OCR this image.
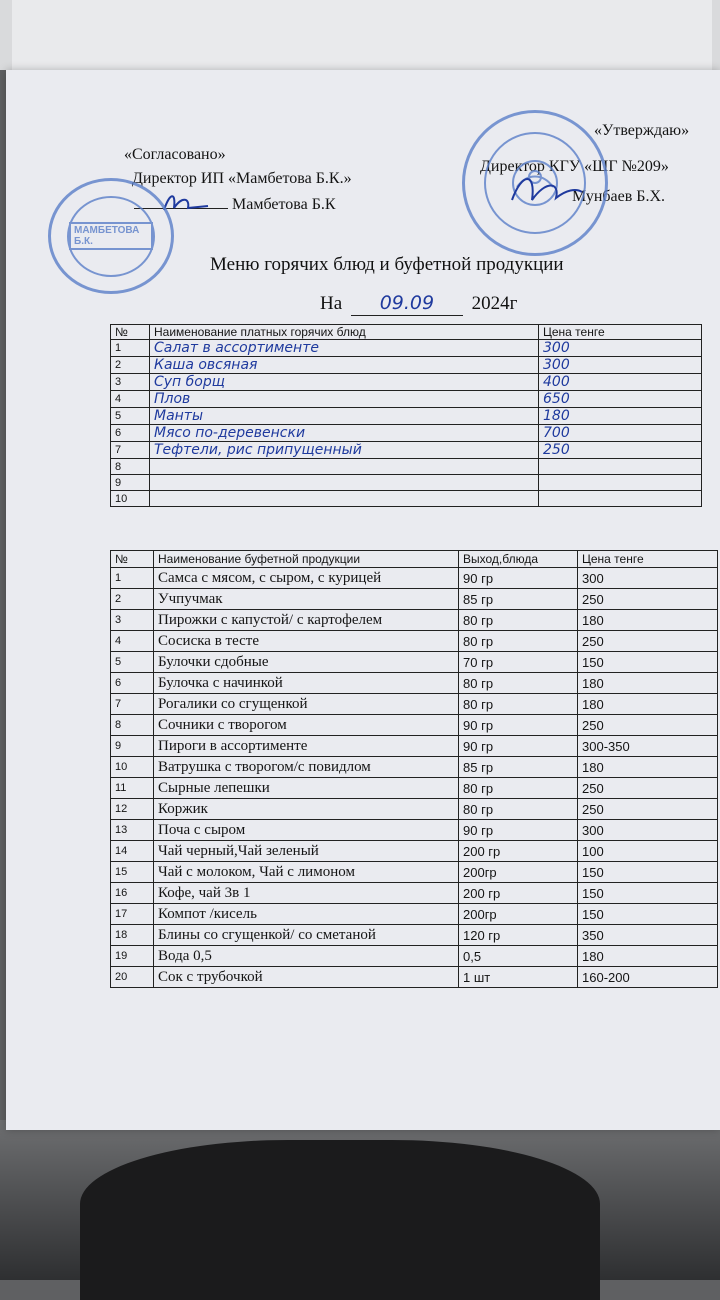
«Согласовано»
Директор ИП «Мамбетова Б.К.»
Мамбетова Б.К
МАМБЕТОВА Б.К.
«Утверждаю»
Директор КГУ «ШГ №209»
Мунбаев Б.Х.
Меню горячих блюд и буфетной продукции
На 09.09 2024г
№	Наименование платных горячих блюд	Цена тенге
1	Салат в ассортименте	300
2	Каша овсяная	300
3	Суп борщ	400
4	Плов	650
5	Манты	180
6	Мясо по-деревенски	700
7	Тефтели, рис припущенный	250
8		
9		
10		
№	Наименование буфетной продукции	Выход,блюда	Цена тенге
1	Самса с мясом, с сыром, с курицей	90 гр	300
2	Учпучмак	85 гр	250
3	Пирожки с капустой/ с картофелем	80 гр	180
4	Сосиска в тесте	80 гр	250
5	Булочки сдобные	70 гр	150
6	Булочка с начинкой	80 гр	180
7	Рогалики со сгущенкой	80 гр	180
8	Сочники с творогом	90 гр	250
9	Пироги в ассортименте	90 гр	300-350
10	Ватрушка с творогом/с повидлом	85 гр	180
11	Сырные лепешки	80 гр	250
12	Коржик	80 гр	250
13	Поча с сыром	90 гр	300
14	Чай черный,Чай зеленый	200 гр	100
15	Чай с молоком, Чай с лимоном	200гр	150
16	Кофе, чай 3в 1	200 гр	150
17	Компот /кисель	200гр	150
18	Блины со сгущенкой/ со сметаной	120 гр	350
19	Вода 0,5	0,5	180
20	Сок с трубочкой	1 шт	160-200
